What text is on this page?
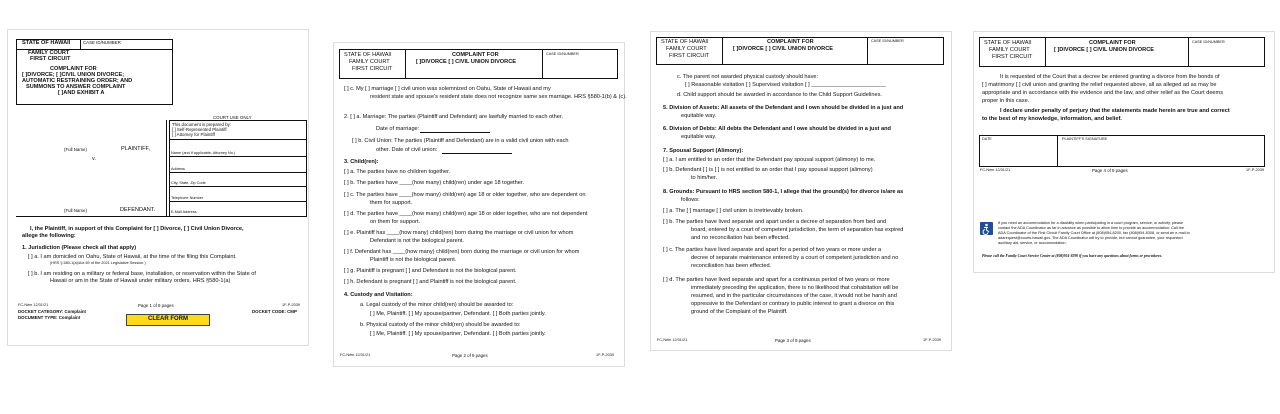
STATE OF HAWAII	CASE ID/NUMBER
FAMILY COURT
FIRST CIRCUIT
COMPLAINT FOR
[ ]DIVORCE; [ ]CIVIL UNION DIVORCE;
AUTOMATIC RESTRAINING ORDER; AND
SUMMONS TO ANSWER COMPLAINT
[ ]AND EXHIBIT A
COURT USE ONLY
This document is prepared by:
[ ] Self-Represented Plaintiff
[ ] Attorney for Plaintiff
Name (and if applicable, Attorney No.)
Address
City, State, Zip Code
Telephone Number
E-Mail Address
(Full Name)	PLAINTIFF,
v.
(Full Name)	DEFENDANT.
I, the Plaintiff, in support of this Complaint for [ ] Divorce, [ ] Civil Union Divorce,
allege the following:
1. Jurisdiction (Please check all that apply)
[ ] a. I am domiciled on Oahu, State of Hawaii, at the time of the filing this Complaint.
(HRS § 580-1(a)/Act 69 of the 2021 Legislative Session.)
[ ] b. I am residing on a military or federal base, installation, or reservation within the State of
Hawaii or am in the State of Hawaii under military orders. HRS §580-1(a)
FC-Ném 12/31/21	Page 1 of 9 pages	1F-P-2039
DOCKET CATEGORY: Complaint	DOCKET CODE: CMP
DOCUMENT TYPE: Complaint	CLEAR FORM
STATE OF HAWAII
FAMILY COURT
FIRST CIRCUIT
COMPLAINT FOR
[ ]DIVORCE [ ] CIVIL UNION DIVORCE
CASE ID/NUMBER
[ ] c. My [ ] marriage [ ] civil union was solemnized on Oahu, State of Hawaii and my
resident state and spouse's resident state does not recognize same sex marriage. HRS §580-1(b) & (c).
2. [ ] a. Marriage: The parties (Plaintiff and Defendant) are lawfully married to each other.
Date of marriage:
[ ] b. Civil Union: The parties (Plaintiff and Defendant) are in a valid civil union with each
other. Date of civil union:
3. Child(ren):
[ ] a. The parties have no children together.
[ ] b. The parties have ____(how many) child(ren) under age 18 together.
[ ] c. The parties have ____(how many) child(ren) age 18 or older together, who are dependent on
them for support.
[ ] d. The parties have ____(how many) child(ren) age 18 or older together, who are not dependent
on them for support.
[ ] e. Plaintiff has ____(how many) child(ren) born during the marriage or civil union for whom
Defendant is not the biological parent.
[ ] f. Defendant has ____(how many) child(ren) born during the marriage or civil union for whom
Plaintiff is not the biological parent.
[ ] g. Plaintiff is pregnant [ ] and Defendant is not the biological parent.
[ ] h. Defendant is pregnant [ ] and Plaintiff is not the biological parent.
4. Custody and Visitation:
a. Legal custody of the minor child(ren) should be awarded to:
[ ] Me, Plaintiff. [ ] My spouse/partner, Defendant. [ ] Both parties jointly.
b. Physical custody of the minor child(ren) should be awarded to:
[ ] Me, Plaintiff. [ ] My spouse/partner, Defendant. [ ] Both parties jointly.
FC-Ném 12/31/21	Page 2 of 9 pages	1F-P-2039
STATE OF HAWAII
FAMILY COURT
FIRST CIRCUIT
COMPLAINT FOR
[ ]DIVORCE [ ] CIVIL UNION DIVORCE
CASE ID/NUMBER
c. The parent not awarded physical custody should have:
[ ] Reasonable visitation [ ] Supervised visitation [ ] ________________________
d. Child support should be awarded in accordance to the Child Support Guidelines.
5. Division of Assets: All assets of the Defendant and I own should be divided in a just and
equitable way.
6. Division of Debts: All debts the Defendant and I owe should be divided in a just and
equitable way.
7. Spousal Support (Alimony):
[ ] a. I am entitled to an order that the Defendant pay spousal support (alimony) to me.
[ ] b. Defendant [ ] is [ ] is not entitled to an order that I pay spousal support (alimony)
to him/her.
8. Grounds: Pursuant to HRS section 580-1, I allege that the ground(s) for divorce is/are as
follows:
[ ] a. The [ ] marriage [ ] civil union is irretrievably broken.
[ ] b. The parties have lived separate and apart under a decree of separation from bed and
board, entered by a court of competent jurisdiction, the term of separation has expired
and no reconciliation has been effected.
[ ] c. The parties have lived separate and apart for a period of two years or more under a
decree of separate maintenance entered by a court of competent jurisdiction and no
reconciliation has been effected.
[ ] d. The parties have lived separate and apart for a continuous period of two years or more
immediately preceding the application, there is no likelihood that cohabitation will be
resumed, and in the particular circumstances of the case, it would not be harsh and
oppressive to the Defendant or contrary to public interest to grant a divorce on this
ground of the Complaint of the Plaintiff.
FC-Ném 12/31/21	Page 3 of 9 pages	1F-P-2039
STATE OF HAWAII
FAMILY COURT
FIRST CIRCUIT
COMPLAINT FOR
[ ]DIVORCE [ ] CIVIL UNION DIVORCE
CASE ID/NUMBER
It is requested of the Court that a decree be entered granting a divorce from the bonds of
[ ] matrimony [ ] civil union and granting the relief requested above, all as alleged ad as may be
appropriate and in accordance with the evidence and the law, and other relief as the Court deems
proper in this case.
I declare under penalty of perjury that the statements made herein are true and correct
to the best of my knowledge, information, and belief.
DATE	PLAINTIFF'S SIGNATURE
FC-Ném 12/31/21	Page 4 of 9 pages	1F-P-2039
If you need an accommodation for a disability when participating in a court program, service, or activity, please
contact the ADA Coordinator as far in advance as possible to allow time to provide an accommodation: Call the
ADA Coordinator of the First Circuit Family Court Office at (808)954-8200, fax (808)954-8308, or send an e-mail to
adarequest@courts.hawaii.gov. The ADA Coordinator will try to provide, but cannot guarantee, your requested
auxiliary aid, service, or accommodation.
Please call the Family Court Service Center at (808)954-8290 if you have any questions about forms or procedures.
